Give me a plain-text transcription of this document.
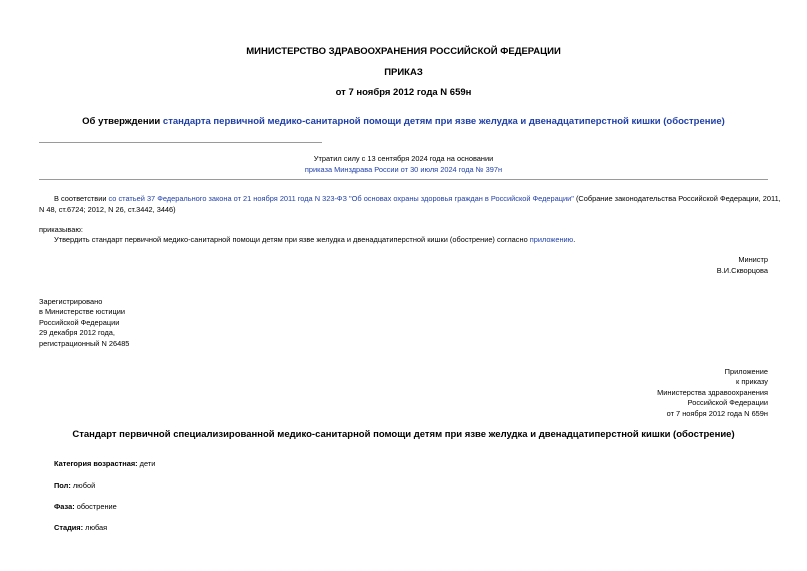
МИНИСТЕРСТВО ЗДРАВООХРАНЕНИЯ РОССИЙСКОЙ ФЕДЕРАЦИИ
ПРИКАЗ
от 7 ноября 2012 года N 659н
Об утверждении стандарта первичной медико-санитарной помощи детям при язве желудка и двенадцатиперстной кишки (обострение)
Утратил силу с 13 сентября 2024 года на основании
приказа Минздрава России от 30 июля 2024 года № 397н
В соответствии со статьей 37 Федерального закона от 21 ноября 2011 года N 323-ФЗ "Об основах охраны здоровья граждан в Российской Федерации" (Собрание законодательства Российской Федерации, 2011,
N 48, ст.6724; 2012, N 26, ст.3442, 3446)
приказываю:
Утвердить стандарт первичной медико-санитарной помощи детям при язве желудка и двенадцатиперстной кишки (обострение) согласно приложению.
Министр
В.И.Скворцова
Зарегистрировано
в Министерстве юстиции
Российской Федерации
29 декабря 2012 года,
регистрационный N 26485
Приложение
к приказу
Министерства здравоохранения
Российской Федерации
от 7 ноября 2012 года N 659н
Стандарт первичной специализированной медико-санитарной помощи детям при язве желудка и двенадцатиперстной кишки (обострение)
Категория возрастная: дети
Пол: любой
Фаза: обострение
Стадия: любая
